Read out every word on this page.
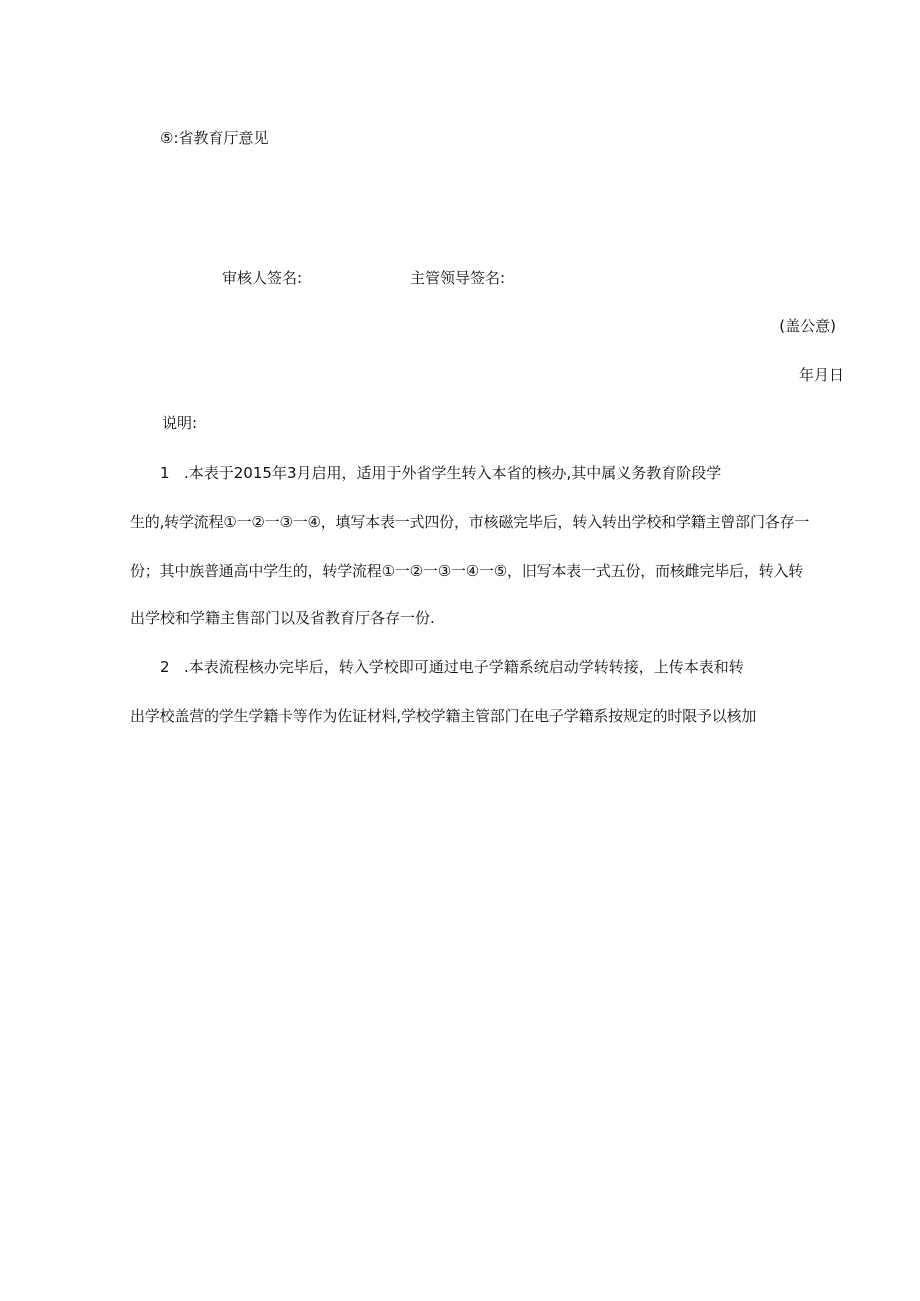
⑤:省教育厅意见
审核人签名:	主管领导签名:
(盖公意)
年月日
说明:
1 .本表于2015年3月启用，适用于外省学生转入本省的核办,其中属义务教育阶段学
生的,转学流程①一②一③一④，填写本表一式四份，市核磁完毕后，转入转出学校和学籍主曾部门各存一
份；其中族普通高中学生的，转学流程①一②一③一④一⑤，旧写本表一式五份，而核雌完毕后，转入转
出学校和学籍主售部门以及省教育厅各存一份.
2 .本表流程核办完毕后，转入学校即可通过电子学籍系统启动学转转接，上传本表和转
出学校盖营的学生学籍卡等作为佐证材料,学校学籍主管部门在电子学籍系按规定的时限予以核加
